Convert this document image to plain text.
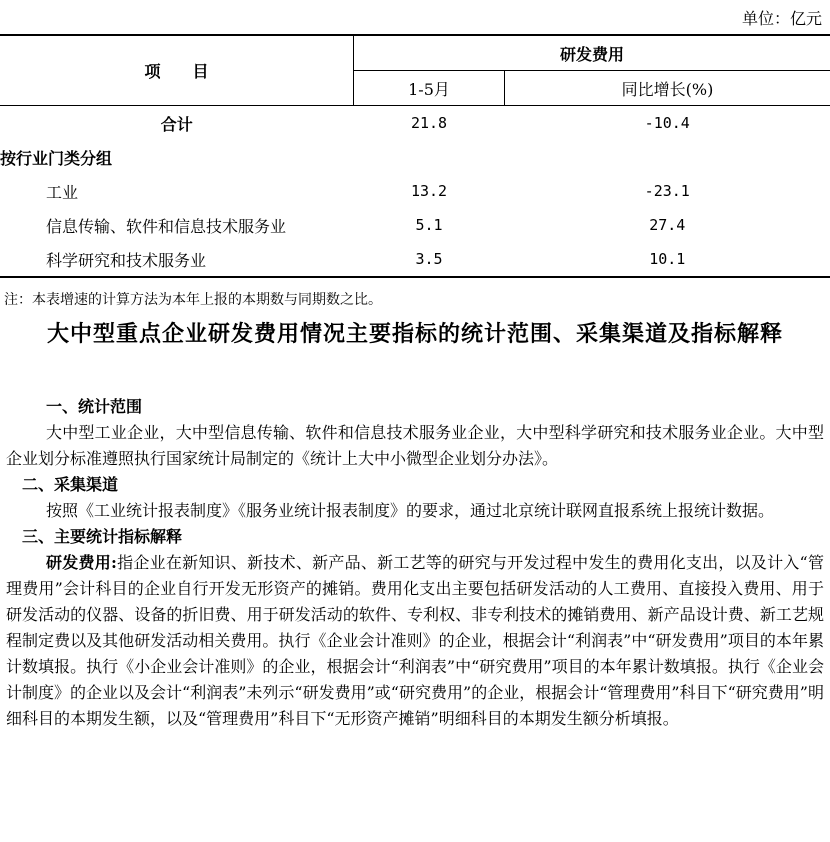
单位：亿元
项　　目	研发费用	
	1-5月	同比增长(%)
合计	21.8	-10.4
按行业门类分组		
工业	13.2	-23.1
信息传输、软件和信息技术服务业	5.1	27.4
科学研究和技术服务业	3.5	10.1
注：本表增速的计算方法为本年上报的本期数与同期数之比。
大中型重点企业研发费用情况主要指标的统计范围、采集渠道及指标解释

一、统计范围

大中型工业企业，大中型信息传输、软件和信息技术服务业企业，大中型科学研究和技术服务业企业。大中型企业划分标准遵照执行国家统计局制定的《统计上大中小微型企业划分办法》。

二、采集渠道

按照《工业统计报表制度》《服务业统计报表制度》的要求，通过北京统计联网直报系统上报统计数据。

三、主要统计指标解释

研发费用:指企业在新知识、新技术、新产品、新工艺等的研究与开发过程中发生的费用化支出，以及计入“管理费用”会计科目的企业自行开发无形资产的摊销。费用化支出主要包括研发活动的人工费用、直接投入费用、用于研发活动的仪器、设备的折旧费、用于研发活动的软件、专利权、非专利技术的摊销费用、新产品设计费、新工艺规程制定费以及其他研发活动相关费用。执行《企业会计准则》的企业，根据会计“利润表”中“研发费用”项目的本年累计数填报。执行《小企业会计准则》的企业，根据会计“利润表”中“研究费用”项目的本年累计数填报。执行《企业会计制度》的企业以及会计“利润表”未列示“研发费用”或“研究费用”的企业，根据会计“管理费用”科目下“研究费用”明细科目的本期发生额，以及“管理费用”科目下“无形资产摊销”明细科目的本期发生额分析填报。
